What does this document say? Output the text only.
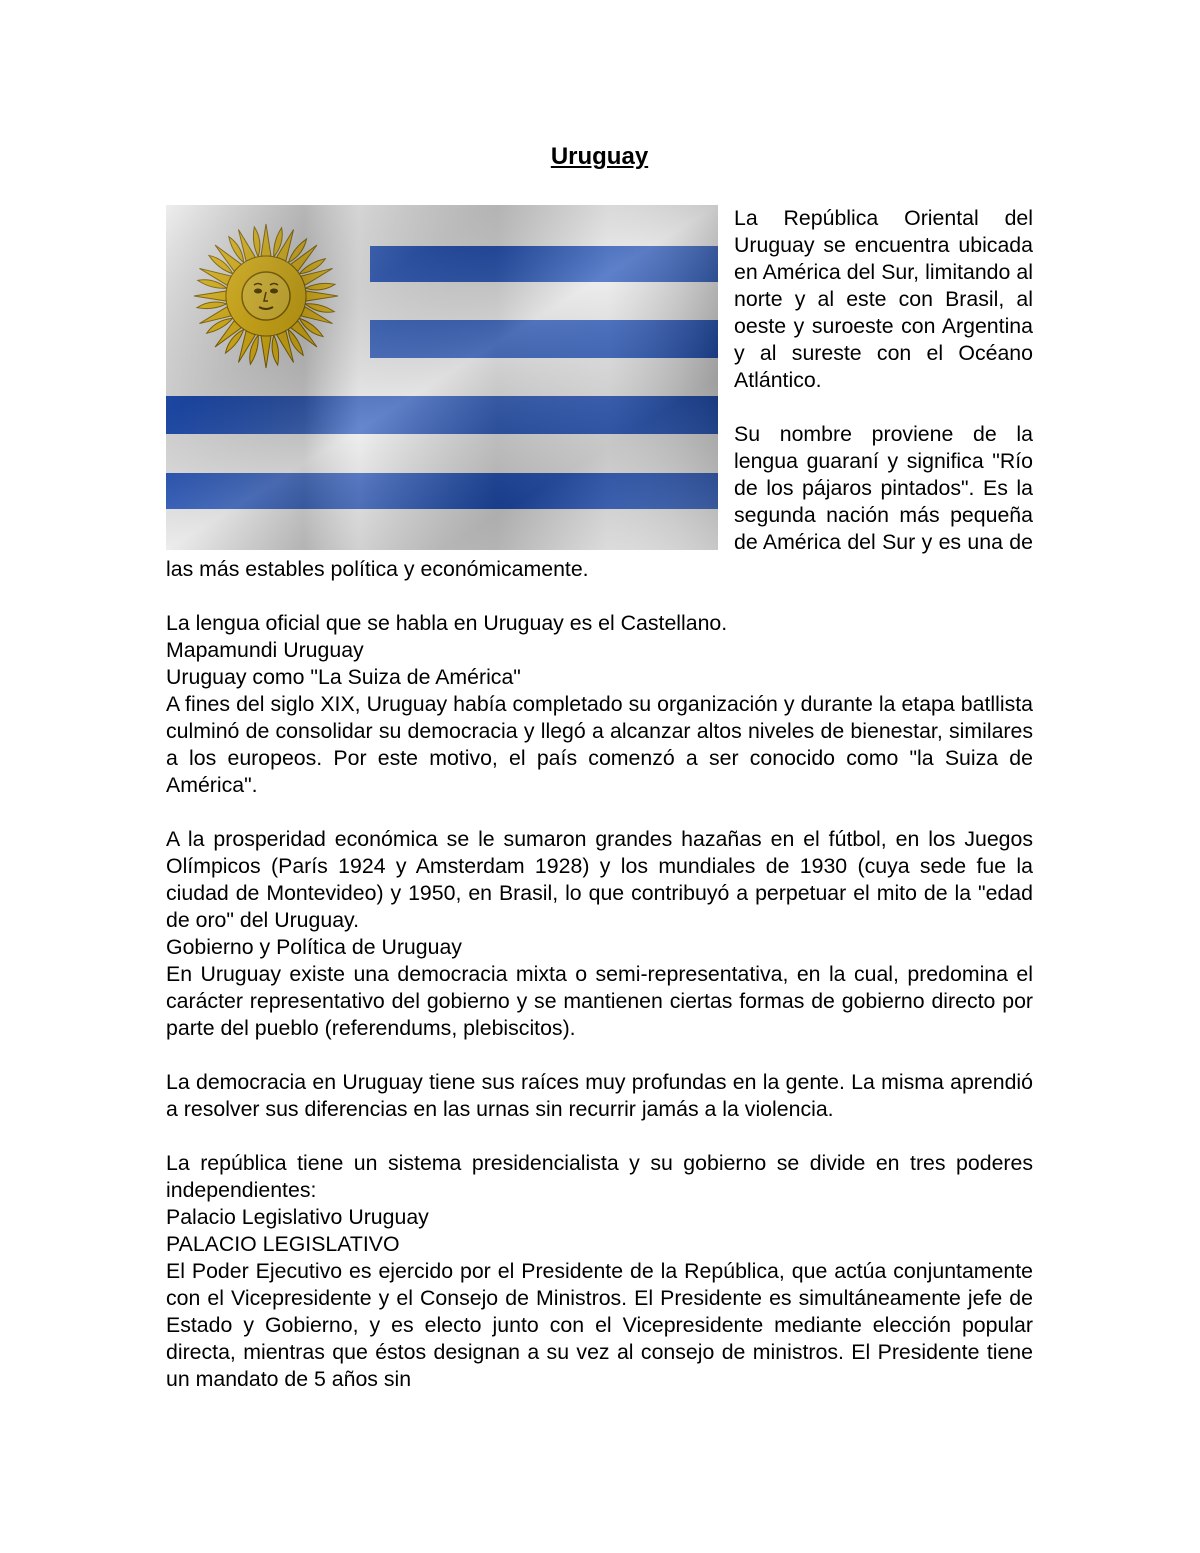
Uruguay

La República Oriental del Uruguay se encuentra ubicada en América del Sur, limitando al norte y al este con Brasil, al oeste y suroeste con Argentina y al sureste con el Océano Atlántico.

Su nombre proviene de la lengua guaraní y significa "Río de los pájaros pintados". Es la segunda nación más pequeña de América del Sur y es una de las más estables política y económicamente.

La lengua oficial que se habla en Uruguay es el Castellano.

Mapamundi Uruguay

Uruguay como "La Suiza de América"

A fines del siglo XIX, Uruguay había completado su organización y durante la etapa batllista culminó de consolidar su democracia y llegó a alcanzar altos niveles de bienestar, similares a los europeos. Por este motivo, el país comenzó a ser conocido como "la Suiza de América".

A la prosperidad económica se le sumaron grandes hazañas en el fútbol, en los Juegos Olímpicos (París 1924 y Amsterdam 1928) y los mundiales de 1930 (cuya sede fue la ciudad de Montevideo) y 1950, en Brasil, lo que contribuyó a perpetuar el mito de la "edad de oro" del Uruguay.

Gobierno y Política de Uruguay

En Uruguay existe una democracia mixta o semi-representativa, en la cual, predomina el carácter representativo del gobierno y se mantienen ciertas formas de gobierno directo por parte del pueblo (referendums, plebiscitos).

La democracia en Uruguay tiene sus raíces muy profundas en la gente. La misma aprendió a resolver sus diferencias en las urnas sin recurrir jamás a la violencia.

La república tiene un sistema presidencialista y su gobierno se divide en tres poderes independientes:

Palacio Legislativo Uruguay

PALACIO LEGISLATIVO

El Poder Ejecutivo es ejercido por el Presidente de la República, que actúa conjuntamente con el Vicepresidente y el Consejo de Ministros. El Presidente es simultáneamente jefe de Estado y Gobierno, y es electo junto con el Vicepresidente mediante elección popular directa, mientras que éstos designan a su vez al consejo de ministros. El Presidente tiene un mandato de 5 años sin
